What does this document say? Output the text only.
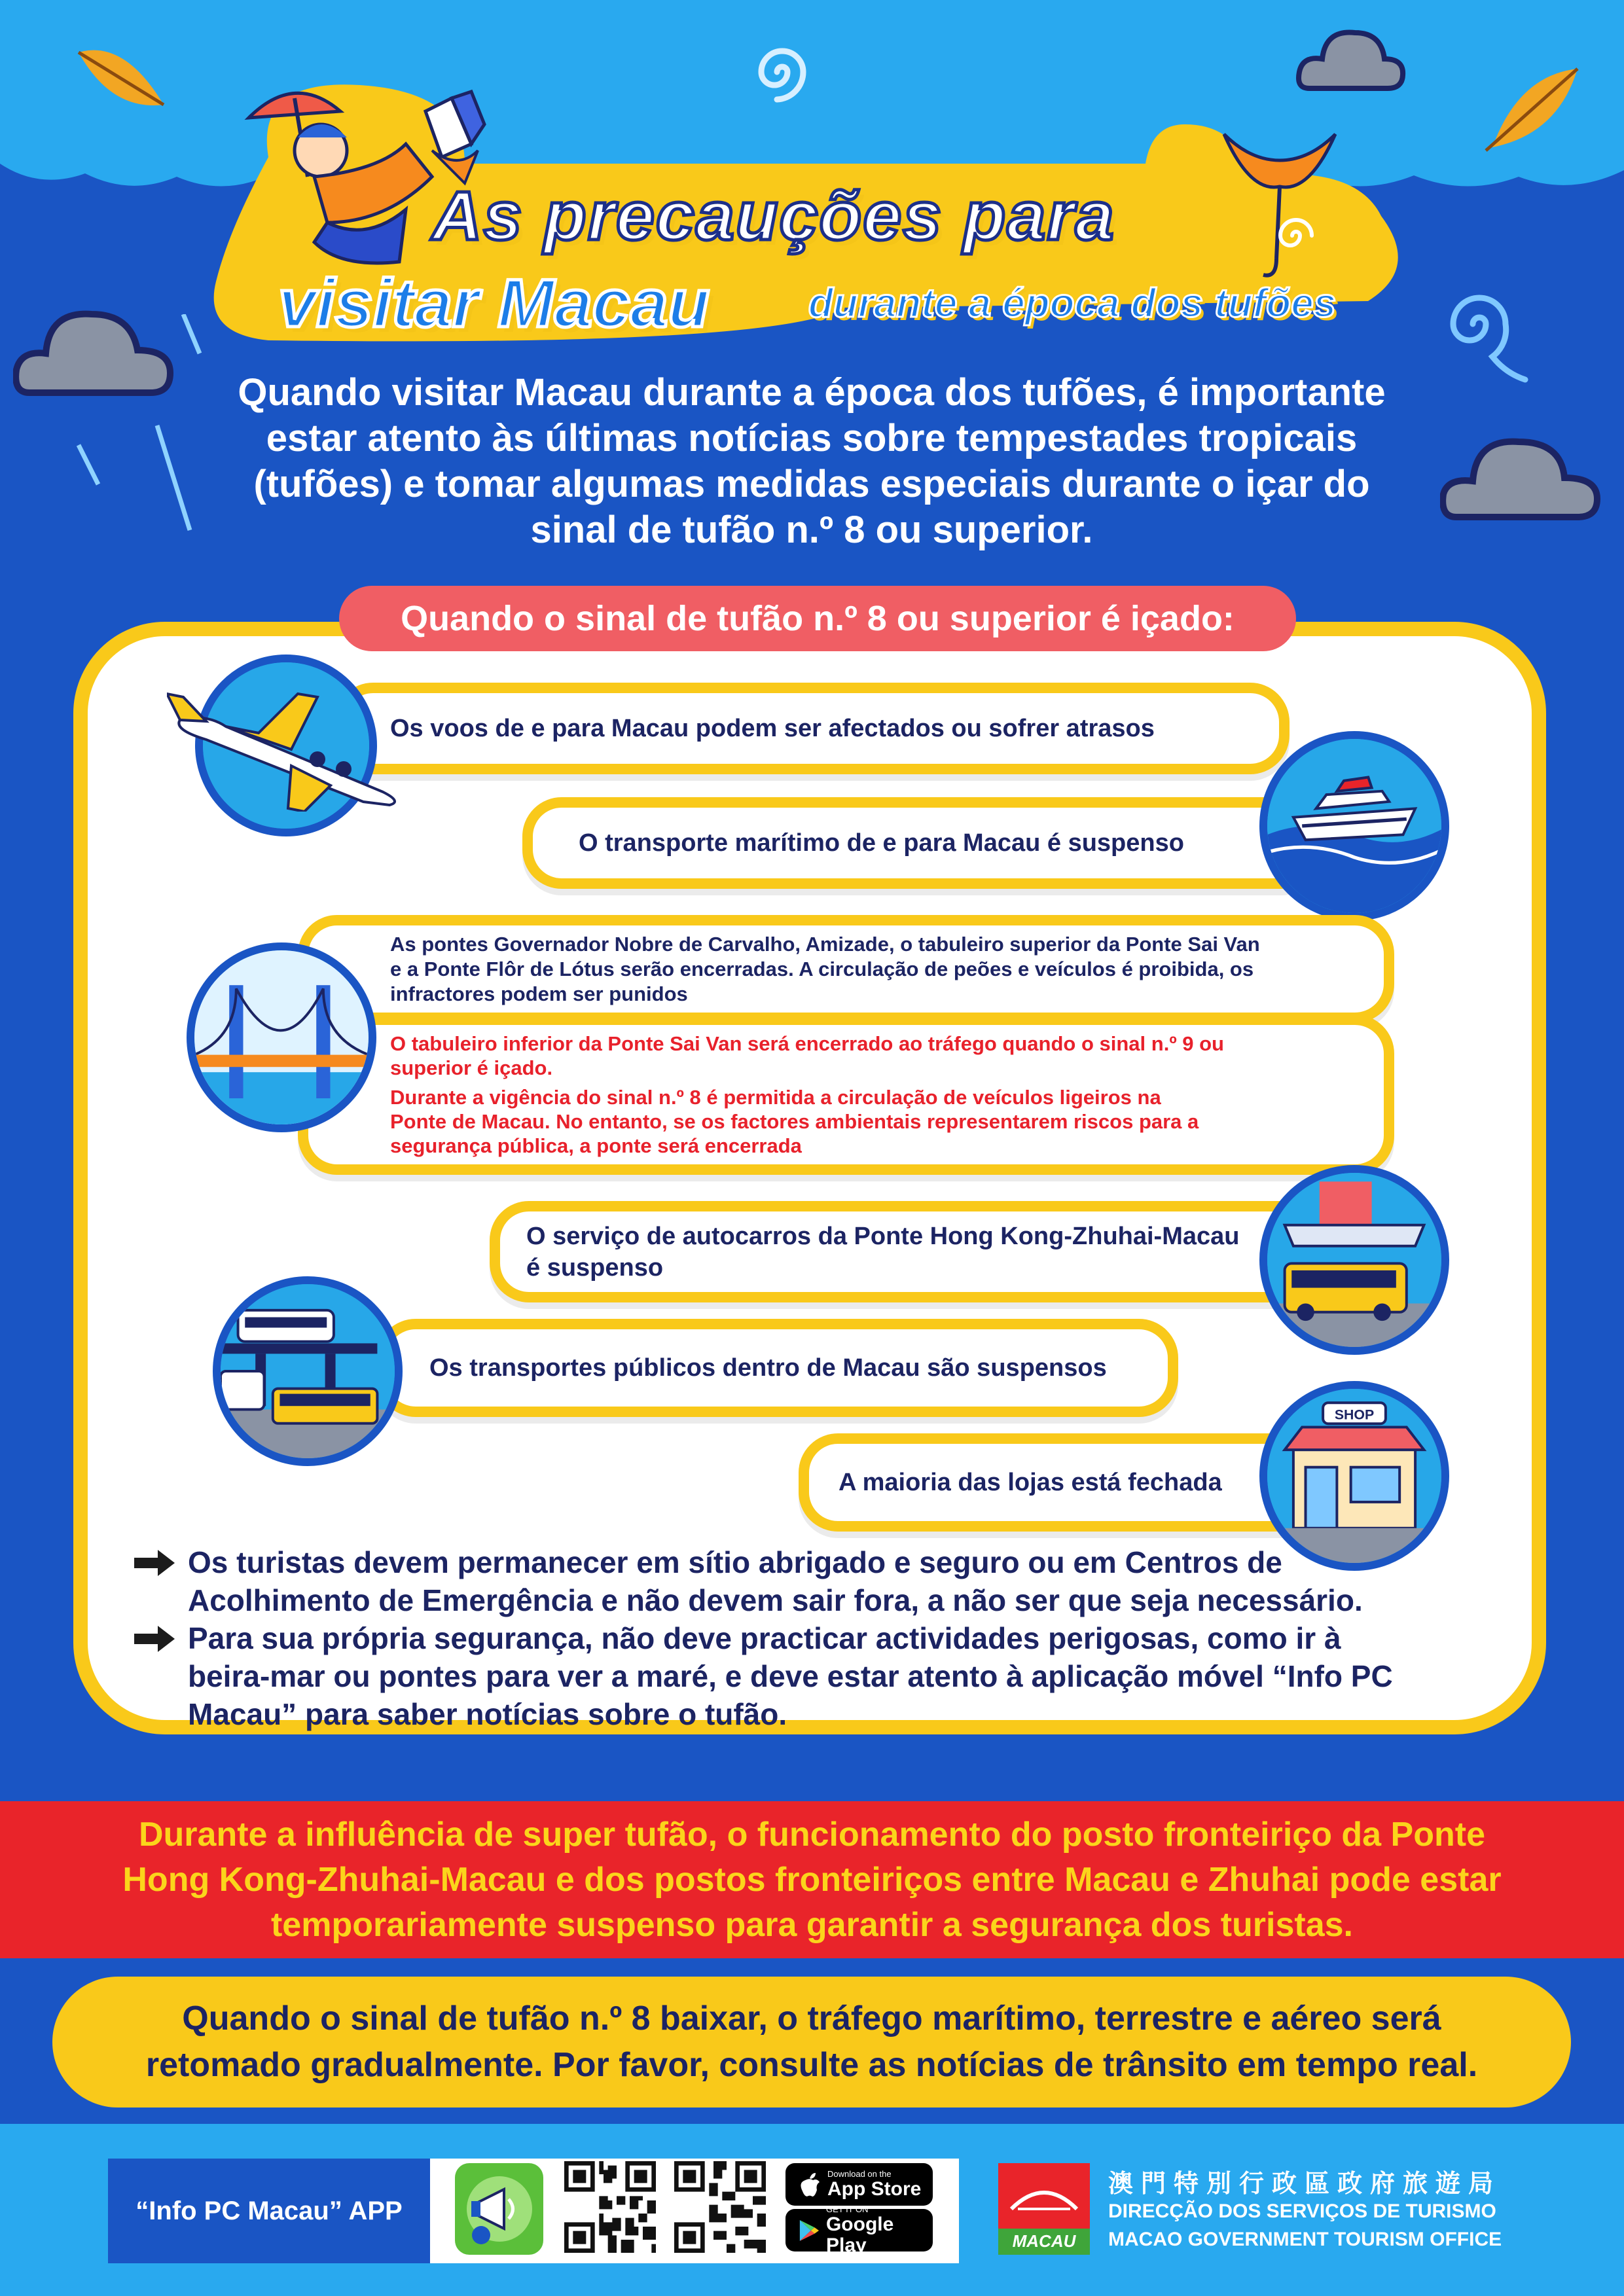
As precauções para
visitar Macau durante a época dos tufões
Quando visitar Macau durante a época dos tufões, é importante
estar atento às últimas notícias sobre tempestades tropicais
(tufões) e tomar algumas medidas especiais durante o içar do
sinal de tufão n.º 8 ou superior.
Quando o sinal de tufão n.º 8 ou superior é içado:
Os voos de e para Macau podem ser afectados ou sofrer atrasos
O transporte marítimo de e para Macau é suspenso
As pontes Governador Nobre de Carvalho, Amizade, o tabuleiro superior da Ponte Sai Van
e a Ponte Flôr de Lótus serão encerradas. A circulação de peões e veículos é proibida, os
infractores podem ser punidos
O tabuleiro inferior da Ponte Sai Van será encerrado ao tráfego quando o sinal n.º 9 ou
superior é içado.
Durante a vigência do sinal n.º 8 é permitida a circulação de veículos ligeiros na
Ponte de Macau. No entanto, se os factores ambientais representarem riscos para a
segurança pública, a ponte será encerrada
O serviço de autocarros da Ponte Hong Kong-Zhuhai-Macau
é suspenso
Os transportes públicos dentro de Macau são suspensos
A maioria das lojas está fechada
SHOP
Os turistas devem permanecer em sítio abrigado e seguro ou em Centros de
Acolhimento de Emergência e não devem sair fora, a não ser que seja necessário.
Para sua própria segurança, não deve practicar actividades perigosas, como ir à
beira-mar ou pontes para ver a maré, e deve estar atento à aplicação móvel “Info PC
Macau” para saber notícias sobre o tufão.
Durante a influência de super tufão, o funcionamento do posto fronteiriço da Ponte
Hong Kong-Zhuhai-Macau e dos postos fronteiriços entre Macau e Zhuhai pode estar
temporariamente suspenso para garantir a segurança dos turistas.
Quando o sinal de tufão n.º 8 baixar, o tráfego marítimo, terrestre e aéreo será
retomado gradualmente. Por favor, consulte as notícias de trânsito em tempo real.
“Info PC Macau” APP
Download on the
App Store
GET IT ON
Google Play	MACAU
澳門特別行政區政府旅遊局
DIRECÇÃO DOS SERVIÇOS DE TURISMO
MACAO GOVERNMENT TOURISM OFFICE
